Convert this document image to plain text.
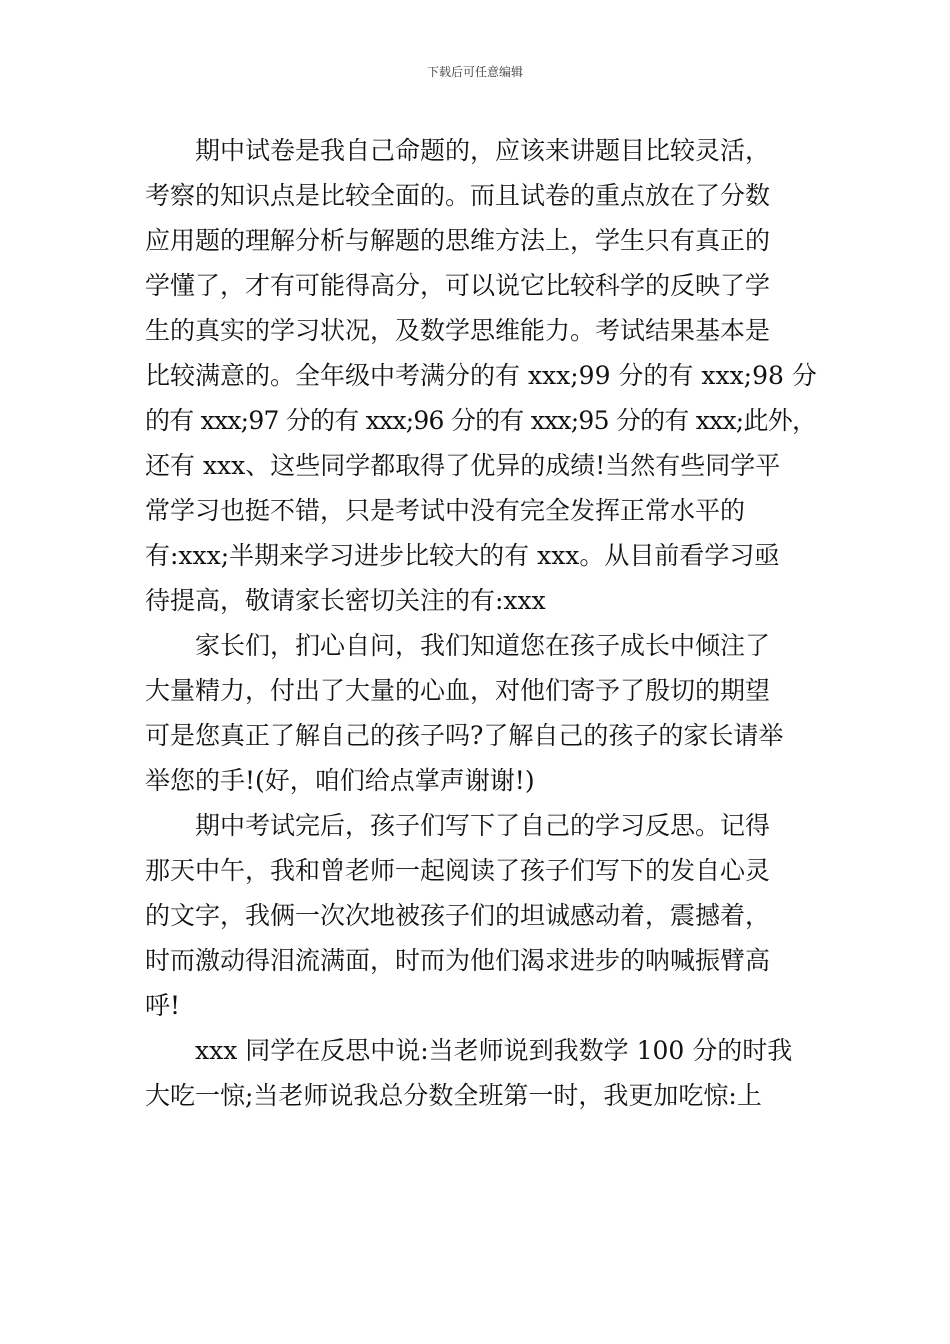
下载后可任意编辑
　　期中试卷是我自己命题的，应该来讲题目比较灵活，
考察的知识点是比较全面的。而且试卷的重点放在了分数
应用题的理解分析与解题的思维方法上，学生只有真正的
学懂了，才有可能得高分，可以说它比较科学的反映了学
生的真实的学习状况，及数学思维能力。考试结果基本是
比较满意的。全年级中考满分的有 xxx;99 分的有 xxx;98 分
的有 xxx;97 分的有 xxx;96 分的有 xxx;95 分的有 xxx;此外，
还有 xxx、这些同学都取得了优异的成绩!当然有些同学平
常学习也挺不错，只是考试中没有完全发挥正常水平的
有:xxx;半期来学习进步比较大的有 xxx。从目前看学习亟
待提高，敬请家长密切关注的有:xxx
　　家长们，扪心自问，我们知道您在孩子成长中倾注了
大量精力，付出了大量的心血，对他们寄予了殷切的期望
可是您真正了解自己的孩子吗?了解自己的孩子的家长请举
举您的手!(好，咱们给点掌声谢谢!)
　　期中考试完后，孩子们写下了自己的学习反思。记得
那天中午，我和曾老师一起阅读了孩子们写下的发自心灵
的文字，我俩一次次地被孩子们的坦诚感动着，震撼着，
时而激动得泪流满面，时而为他们渴求进步的呐喊振臂高
呼!
　　xxx 同学在反思中说:当老师说到我数学 100 分的时我
大吃一惊;当老师说我总分数全班第一时，我更加吃惊:上
